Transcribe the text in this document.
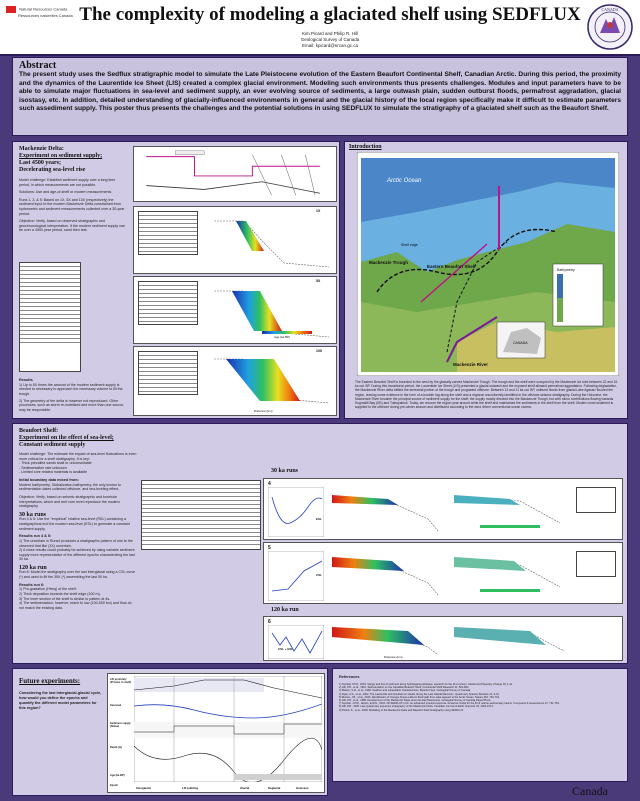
Natural Resources Canada
Ressources naturelles Canada The complexity of modeling a glaciated shelf using SEDFLUX
Kim Picard and Philip R. Hill
Geological Survey of Canada
Email: kpicard@nrcan.gc.ca
CANADA
Abstract

The present study uses the Sedflux stratigraphic model to simulate the Late Pleistocene evolution of the Eastern Beaufort Continental Shelf, Canadian Arctic. During this period, the proximity and the dynamics of the Laurentide Ice Sheet (LIS) created a complex glacial environment. Modeling such environments thus presents challenges. Modules and input parameters have to be able to simulate major fluctuations in sea-level and sediment supply, an ever evolving source of sediments, a large outwash plain, sudden outburst floods, permafrost aggradation, glacial isostasy, etc. In addition, detailed understanding of glacially-influenced environments in general and the glacial history of the local region specifically make it difficult to estimate parameters such assediment supply. This poster thus presents the challenges and the potential solutions in using SEDFLUX to simulate the stratigraphy of a glaciated shelf such as the Beaufort Shelf.

Mackenzie Delta:
Experiment on sediment supply;
Last 4500 years;
Decelerating sea-level rise

Model challenge: Establish sediment supply over a long time period, in which measurements are not possible.

Solutions: Use and age-of-shelf or modern measurements

Runs 1, 3, & 5: Based on 1X, 5X and 10X (respectively) the sediment input to the modern Mackenzie Delta constrained from hydrometric and sediment measurements collected over a 30-year period.

Objective: Verify, based on observed stratigraphic and geochronological interpretation, if the modern sediment supply can be over a 4500 year period, sand then test.

Results

1) Up to 5X times the amount of the modern sediment supply is needed to necessary to approach the necessary volume to fill the trough.

2) The geometry of the delta is however not reproduced. Other processes, such as storm re-mobilized and more than one source, may be responsible.

1X
5X
Age (ka BP)
10X
Distance (km)
Introduction
Arctic Ocean
Mackenzie Trough
Eastern Beaufort Shelf
Mackenzie River
Shelf edge
Bathymetry
CANADA

The Eastern Beaufort Shelf is bounded to the west by the glacially carved Mackenzie Trough. The trough and the shelf were occupied by the Mackenzie ice lobe between 22 and 16 ka cal. BP. During this transitional period, the Laurentide Ice Sheet (LIS) presented a glacial outwash and the exposed shelf allowed permafrost aggradation. Following deglaciation, the Mackenzie River delta infilled the terrestrial portion of the trough and prograded offshore. Between 13 and 11 ka cal. BP, outburst floods from glacial Lake Agassiz flooded the region, leaving some evidence in the form of a boulder lag along the shelf and a regional unconformity identified in the offshore seismic stratigraphy. During the Holocene, the Mackenzie River became the principal source of sediment supply for the shelf; the supply mostly directed into the Mackenzie Trough, but with minor contributions flowing towards Kugmallit Bay (KB) and Tuktoyaktuk. Today, we recover the region year around while the shelf and maintained the sediments in the shelf from the shelf. Modern most sediment is supplied to the offshore during pre-winter season and distributed according to the wind driven conventional ocean storms.

Beaufort Shelf:
Experiment on the effect of sea-level;
Constant sediment supply

Model challenge: The estimate the impact of sea-level fluctuations is even more critical for a shelf stratigraphy. It is key:

- Thick prevailed sands shall or unconsolidate

- Sedimentation rate unknown

- Limited core related materials is available

Initial boundary data mixed from:

Modern bathymetry, Globalization bathymetry, the only known to sedimentation dates collected offshore, and sea-leveling effect.

Objective: Verify, based on seismic stratigraphic and borehole interpretations, which and reef core level reproduce the modern stratigraphy.

30 ka runs

Run 4 & 5: Use the "empirical" relative sea-level (RSL) containing a stratigraphical end the modern sea-level (ESL) to generate a constant sediment supply.

Results run 4 & 5:

1) The uncertain in Runs4 produces a stratigraphic pattern of one to the observed that like (3X) uncertain.

2) A close results could probably be achieved by using variable sediment supply more representative of the different epochs characterizing the last 30 ka.

120 ka run

Run 6: Model the stratigraphy over the last interglacial using a CSL curve (*) and used to lift the 30K (*) assembling the last 50 ka.

Results run 6:

1) Pro-gradation (Hfreq) of the shelf.

2) Thick deposition towards the shelf edge (100 m).

3) The inner section of the shelf is similar to pattern at 4s.

4) The sedimentation, however, reach to low (100-500 km) and thus do not match the existing data.

30 ka runs
4
ESL
5
CSL
120 ka run
6
CSL + ESL
Distance (km)
Future experiments:

Considering the last Interglacial-glacial cycle, how would you define the epochs and quantify the different model parameters for this region?

LIS proximity (Proxies to shelf)
Sea-level
Sediment supply (hi/low)
Depth (m)
Age (ka BP)
Epoch
Interglacial	LIS building	Glacial	Deglacial	Holocene
References

1) Syvitski J.P.M., 2003. Supply and flux of sediment along hydrological pathways: research for the 21st century. Global and Planetary Change 39, 1-11.

2) Hill, P.R., et al., 1991. Sedimentation on the Canadian Beaufort Shelf. Continental Shelf Research 11, 821-842.

3) Blasco, S.M., et al., 1990. Seafloor and subseafloor characteristics, Beaufort Sea. Geological Survey of Canada.

4) Dyke, A.S., et al., 2002. The Laurentide and Innuitian ice sheets during the Last Glacial Maximum. Quaternary Science Reviews 21, 9-31.

5) Murton, J.B., et al., 2010. Identification of Younger Dryas outburst flood path from Lake Agassiz to the Arctic Ocean. Nature 464, 740-743.

6) Hill, P.R., et al., 1985. Development of the Mackenzie Delta since the late Pleistocene. Geological Survey of Canada Paper 85-1A.

7) Syvitski, J.P.M., Hutton, E.W.H., 2001. 2D SEDFLUX 1.0C: an advanced process-response numerical model for the fill of marine sedimentary basins. Computers & Geosciences 27, 731-753.

8) Hill, P.R., 1996. Late Quaternary sequence stratigraphy of the Mackenzie Delta. Canadian Journal of Earth Sciences 33, 1064-1074.

9) Picard, K., et al., 2008. Modelling of the Mackenzie Delta and Beaufort Shelf stratigraphy using SEDFLUX.

Canada
